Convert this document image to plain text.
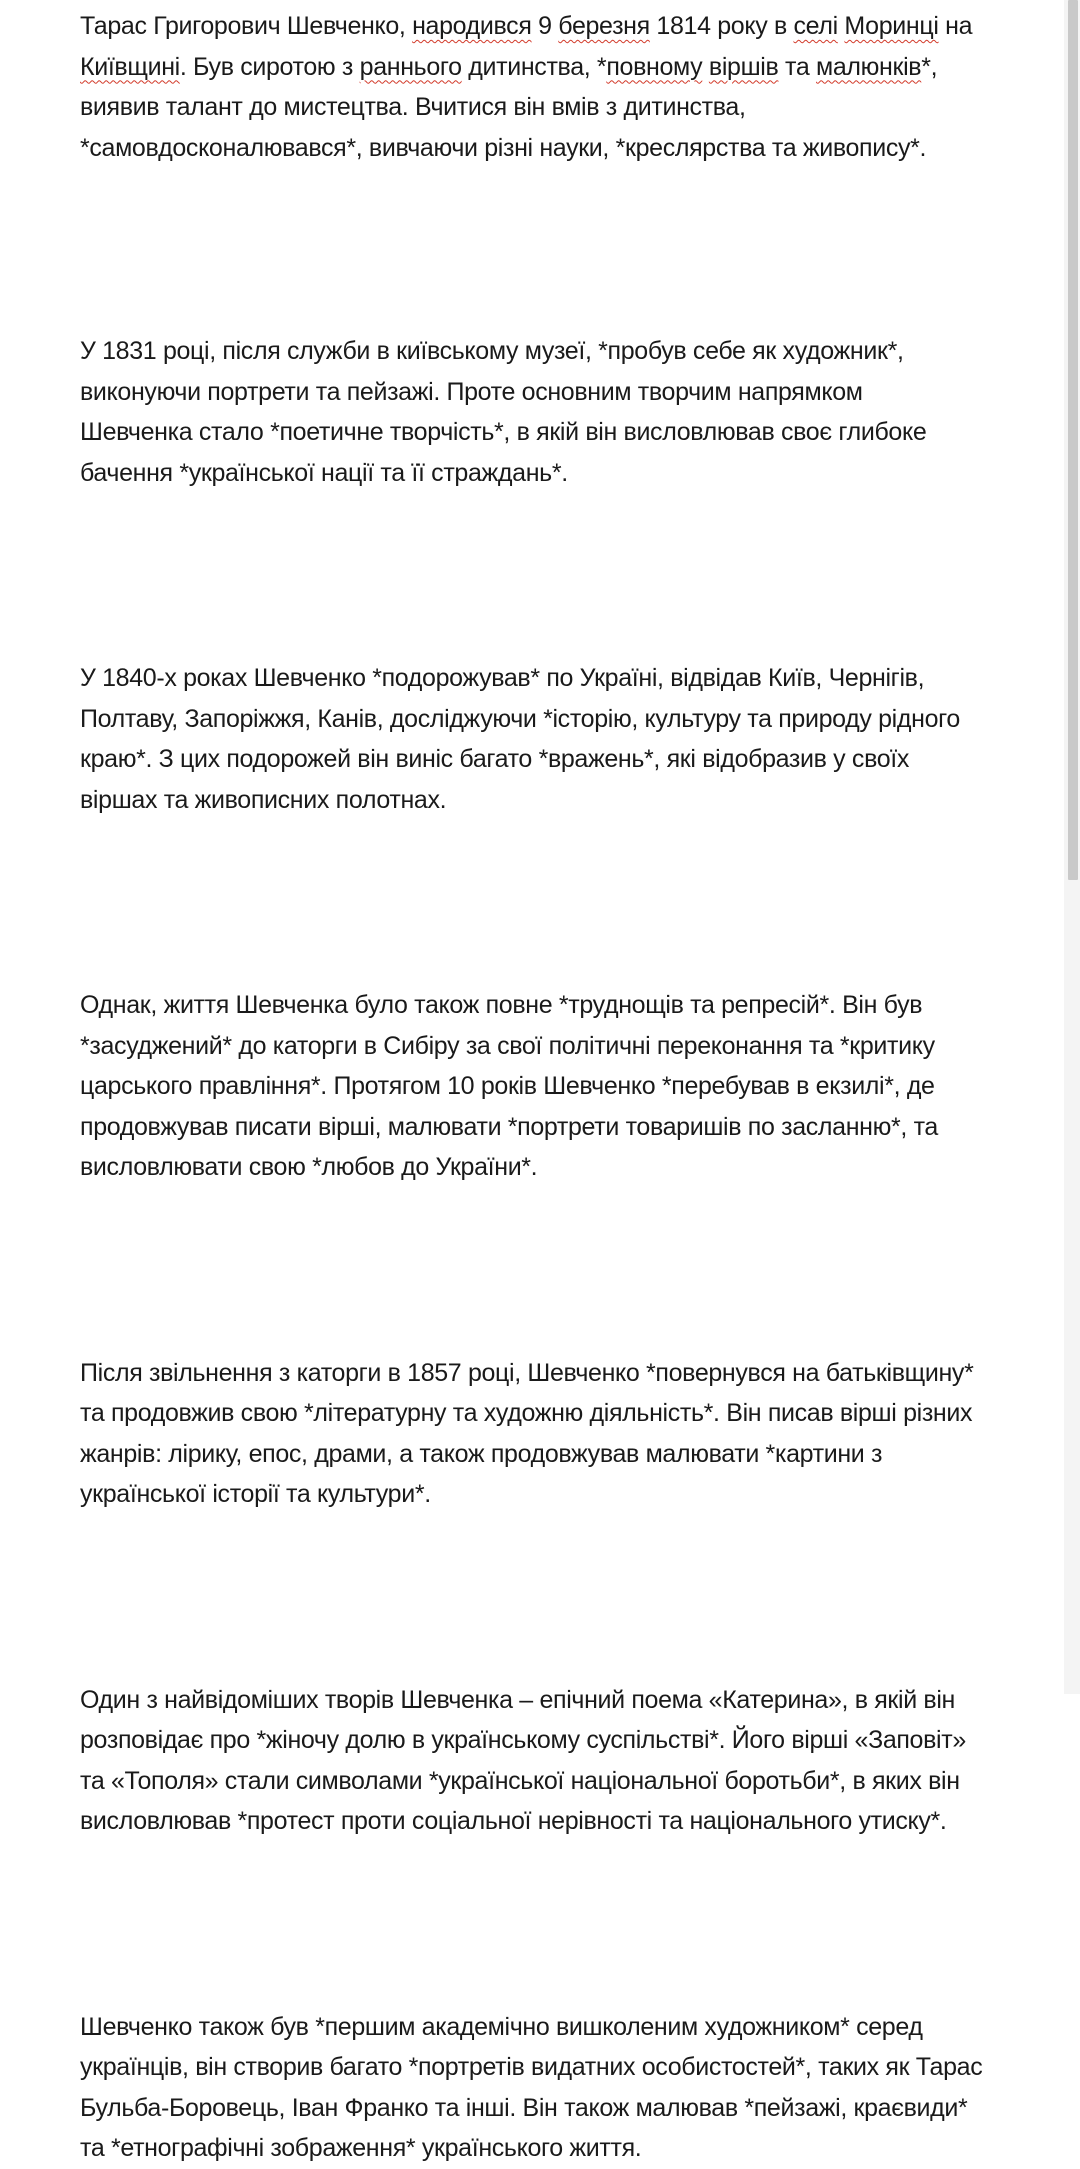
Тарас Григорович Шевченко, народився 9 березня 1814 року в селі Моринці на
Київщині. Був сиротою з раннього дитинства, *повному віршів та малюнків*,
виявив талант до мистецтва. Вчитися він вмів з дитинства,
*самовдосконалювався*, вивчаючи різні науки, *креслярства та живопису*.

У 1831 році, після служби в київському музеї, *пробув себе як художник*,
виконуючи портрети та пейзажі. Проте основним творчим напрямком
Шевченка стало *поетичне творчість*, в якій він висловлював своє глибоке
бачення *української нації та її страждань*.

У 1840-х роках Шевченко *подорожував* по Україні, відвідав Київ, Чернігів,
Полтаву, Запоріжжя, Канів, досліджуючи *історію, культуру та природу рідного
краю*. З цих подорожей він виніс багато *вражень*, які відобразив у своїх
віршах та живописних полотнах.

Однак, життя Шевченка було також повне *труднощів та репресій*. Він був
*засуджений* до каторги в Сибіру за свої політичні переконання та *критику
царського правління*. Протягом 10 років Шевченко *перебував в екзилі*, де
продовжував писати вірші, малювати *портрети товаришів по засланню*, та
висловлювати свою *любов до України*.

Після звільнення з каторги в 1857 році, Шевченко *повернувся на батьківщину*
та продовжив свою *літературну та художню діяльність*. Він писав вірші різних
жанрів: лірику, епос, драми, а також продовжував малювати *картини з
української історії та культури*.

Один з найвідоміших творів Шевченка – епічний поема «Катерина», в якій він
розповідає про *жіночу долю в українському суспільстві*. Його вірші «Заповіт»
та «Тополя» стали символами *української національної боротьби*, в яких він
висловлював *протест проти соціальної нерівності та національного утиску*.

Шевченко також був *першим академічно вишколеним художником* серед
українців, він створив багато *портретів видатних особистостей*, таких як Тарас
Бульба-Боровець, Іван Франко та інші. Він також малював *пейзажі, краєвиди*
та *етнографічні зображення* українського життя.
